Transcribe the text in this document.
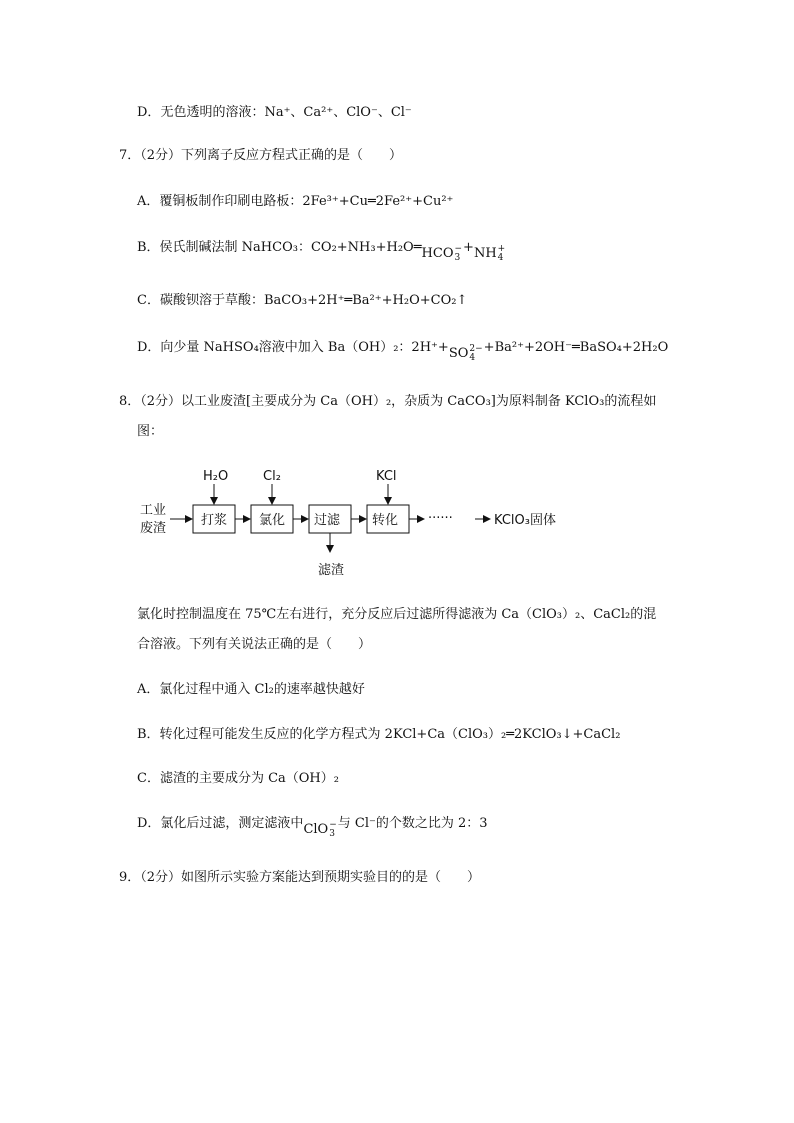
D．无色透明的溶液：Na⁺、Ca²⁺、ClO⁻、Cl⁻
7．（2分）下列离子反应方程式正确的是（　　）
A．覆铜板制作印刷电路板：2Fe³⁺+Cu═2Fe²⁺+Cu²⁺
B．侯氏制碱法制 NaHCO₃：CO₂+NH₃+H₂O═ HCO −
3
+ NH +
4
C．碳酸钡溶于草酸：BaCO₃+2H⁺═Ba²⁺+H₂O+CO₂↑
D．向少量 NaHSO₄溶液中加入 Ba（OH）₂：2H⁺+ SO 2−
4
+Ba²⁺+2OH⁻═BaSO₄+2H₂O
8．（2分）以工业废渣[主要成分为 Ca（OH）₂，杂质为 CaCO₃]为原料制备 KClO₃的流程如
图：
工业
废渣
打浆 氯化 过滤 转化 ······	KClO₃固体
H₂O	Cl₂	KCl
滤渣
氯化时控制温度在 75℃左右进行，充分反应后过滤所得滤液为 Ca（ClO₃）₂、CaCl₂的混
合溶液。下列有关说法正确的是（　　）
A．氯化过程中通入 Cl₂的速率越快越好
B．转化过程可能发生反应的化学方程式为 2KCl+Ca（ClO₃）₂═2KClO₃↓+CaCl₂
C．滤渣的主要成分为 Ca（OH）₂
D．氯化后过滤，测定滤液中 ClO −
3
与 Cl⁻的个数之比为 2：3
9．（2分）如图所示实验方案能达到预期实验目的的是（　　）
